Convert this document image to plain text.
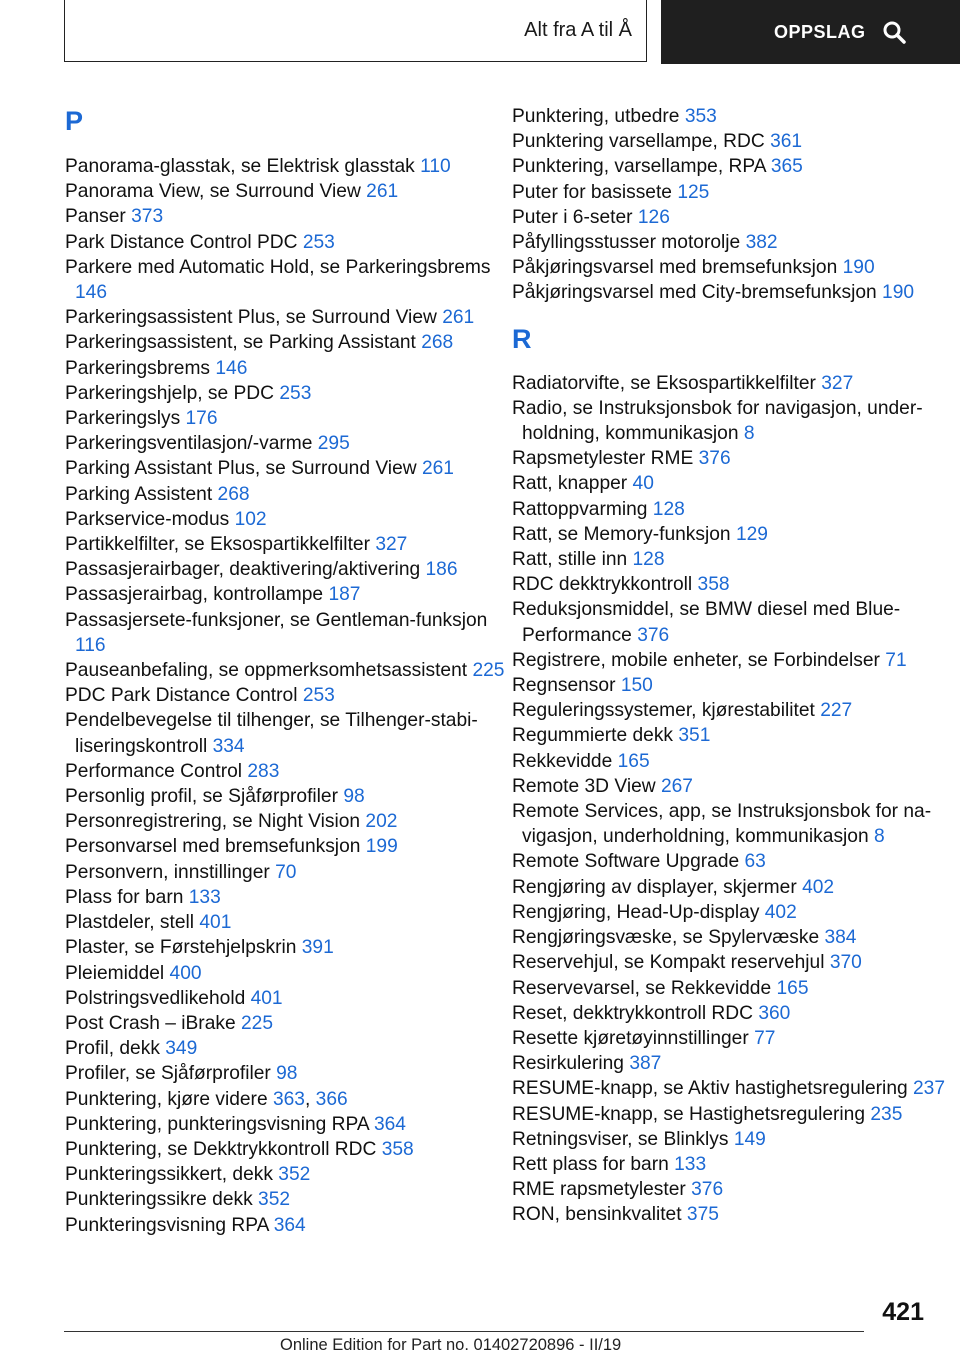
Alt fra A til Å	OPPSLAG
P
Panorama-glasstak, se Elektrisk glasstak 110
Panorama View, se Surround View 261
Panser 373
Park Distance Control PDC 253
Parkere med Automatic Hold, se Parkeringsbrems 146
Parkeringsassistent Plus, se Surround View 261
Parkeringsassistent, se Parking Assistant 268
Parkeringsbrems 146
Parkeringshjelp, se PDC 253
Parkeringslys 176
Parkeringsventilasjon/-varme 295
Parking Assistant Plus, se Surround View 261
Parking Assistent 268
Parkservice-modus 102
Partikkelfilter, se Eksospartikkelfilter 327
Passasjerairbager, deaktivering/aktivering 186
Passasjerairbag, kontrollampe 187
Passasjersete-funksjoner, se Gentleman-funksjon 116
Pauseanbefaling, se oppmerksomhetsassistent 225
PDC Park Distance Control 253
Pendelbevegelse til tilhenger, se Tilhenger-stabiliseringskontroll 334
Performance Control 283
Personlig profil, se Sjåførprofiler 98
Personregistrering, se Night Vision 202
Personvarsel med bremsefunksjon 199
Personvern, innstillinger 70
Plass for barn 133
Plastdeler, stell 401
Plaster, se Førstehjelpskrin 391
Pleiemiddel 400
Polstringsvedlikehold 401
Post Crash – iBrake 225
Profil, dekk 349
Profiler, se Sjåførprofiler 98
Punktering, kjøre videre 363, 366
Punktering, punkteringsvisning RPA 364
Punktering, se Dekktrykkontroll RDC 358
Punkteringssikkert, dekk 352
Punkteringssikre dekk 352
Punkteringsvisning RPA 364
Punktering, utbedre 353
Punktering varsellampe, RDC 361
Punktering, varsellampe, RPA 365
Puter for basissete 125
Puter i 6-seter 126
Påfyllingsstusser motorolje 382
Påkjøringsvarsel med bremsefunksjon 190
Påkjøringsvarsel med City-bremsefunksjon 190
R
Radiatorvifte, se Eksospartikkelfilter 327
Radio, se Instruksjonsbok for navigasjon, underholdning, kommunikasjon 8
Rapsmetylester RME 376
Ratt, knapper 40
Rattoppvarming 128
Ratt, se Memory-funksjon 129
Ratt, stille inn 128
RDC dekktrykkontroll 358
Reduksjonsmiddel, se BMW diesel med BluePerformance 376
Registrere, mobile enheter, se Forbindelser 71
Regnsensor 150
Reguleringssystemer, kjørestabilitet 227
Regummierte dekk 351
Rekkevidde 165
Remote 3D View 267
Remote Services, app, se Instruksjonsbok for navigasjon, underholdning, kommunikasjon 8
Remote Software Upgrade 63
Rengjøring av displayer, skjermer 402
Rengjøring, Head-Up-display 402
Rengjøringsvæske, se Spylervæske 384
Reservehjul, se Kompakt reservehjul 370
Reservevarsel, se Rekkevidde 165
Reset, dekktrykkontroll RDC 360
Resette kjøretøyinnstillinger 77
Resirkulering 387
RESUME-knapp, se Aktiv hastighetsregulering 237
RESUME-knapp, se Hastighetsregulering 235
Retningsviser, se Blinklys 149
Rett plass for barn 133
RME rapsmetylester 376
RON, bensinkvalitet 375
421
Online Edition for Part no. 01402720896 - II/19
